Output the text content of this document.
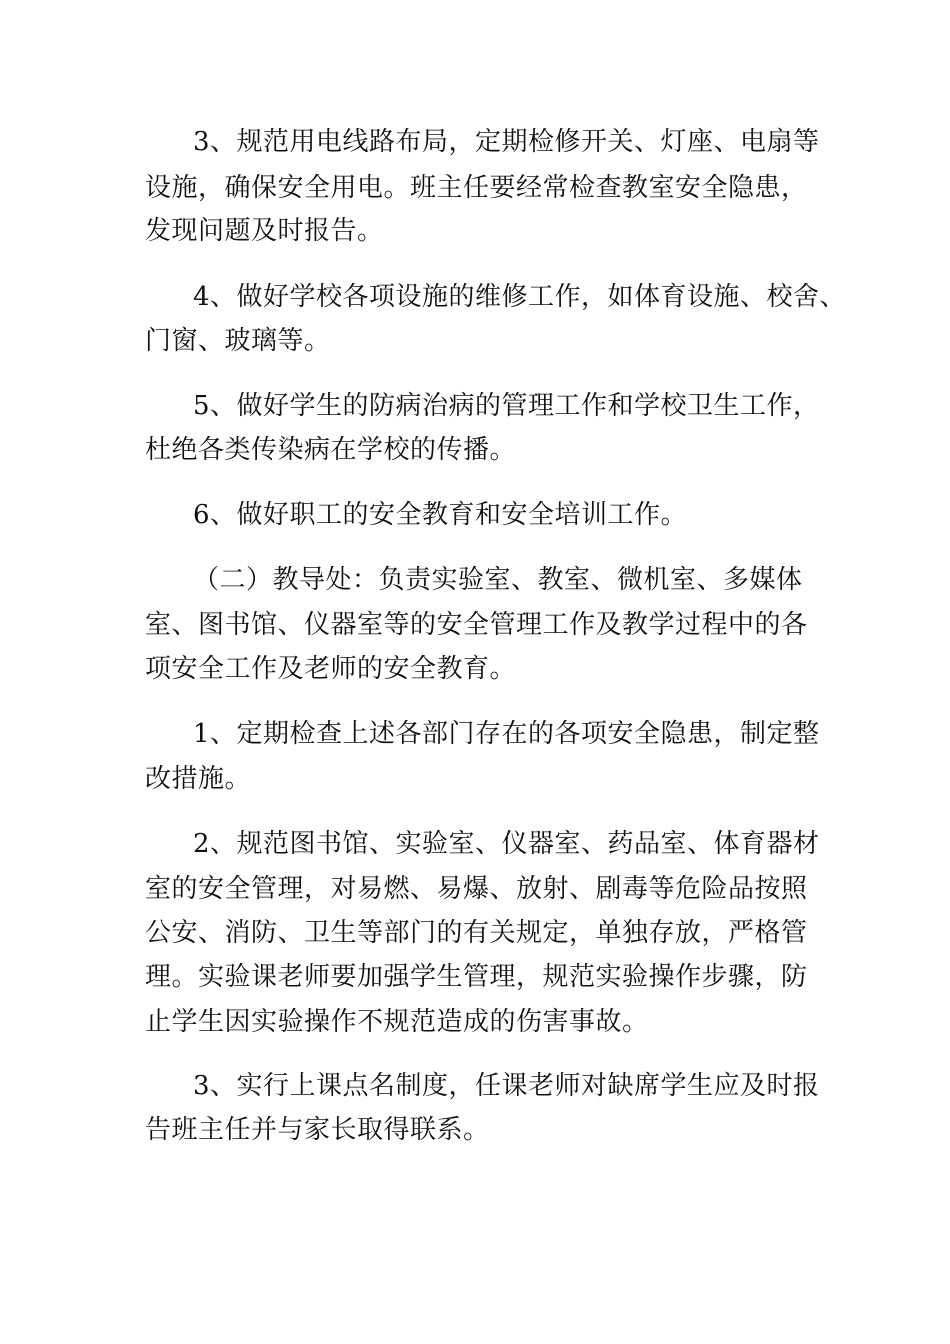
3、规范用电线路布局，定期检修开关、灯座、电扇等
设施，确保安全用电。班主任要经常检查教室安全隐患，
发现问题及时报告。
4、做好学校各项设施的维修工作，如体育设施、校舍、
门窗、玻璃等。
5、做好学生的防病治病的管理工作和学校卫生工作，
杜绝各类传染病在学校的传播。
6、做好职工的安全教育和安全培训工作。
（二）教导处：负责实验室、教室、微机室、多媒体
室、图书馆、仪器室等的安全管理工作及教学过程中的各
项安全工作及老师的安全教育。
1、定期检查上述各部门存在的各项安全隐患，制定整
改措施。
2、规范图书馆、实验室、仪器室、药品室、体育器材
室的安全管理，对易燃、易爆、放射、剧毒等危险品按照
公安、消防、卫生等部门的有关规定，单独存放，严格管
理。实验课老师要加强学生管理，规范实验操作步骤，防
止学生因实验操作不规范造成的伤害事故。
3、实行上课点名制度，任课老师对缺席学生应及时报
告班主任并与家长取得联系。
